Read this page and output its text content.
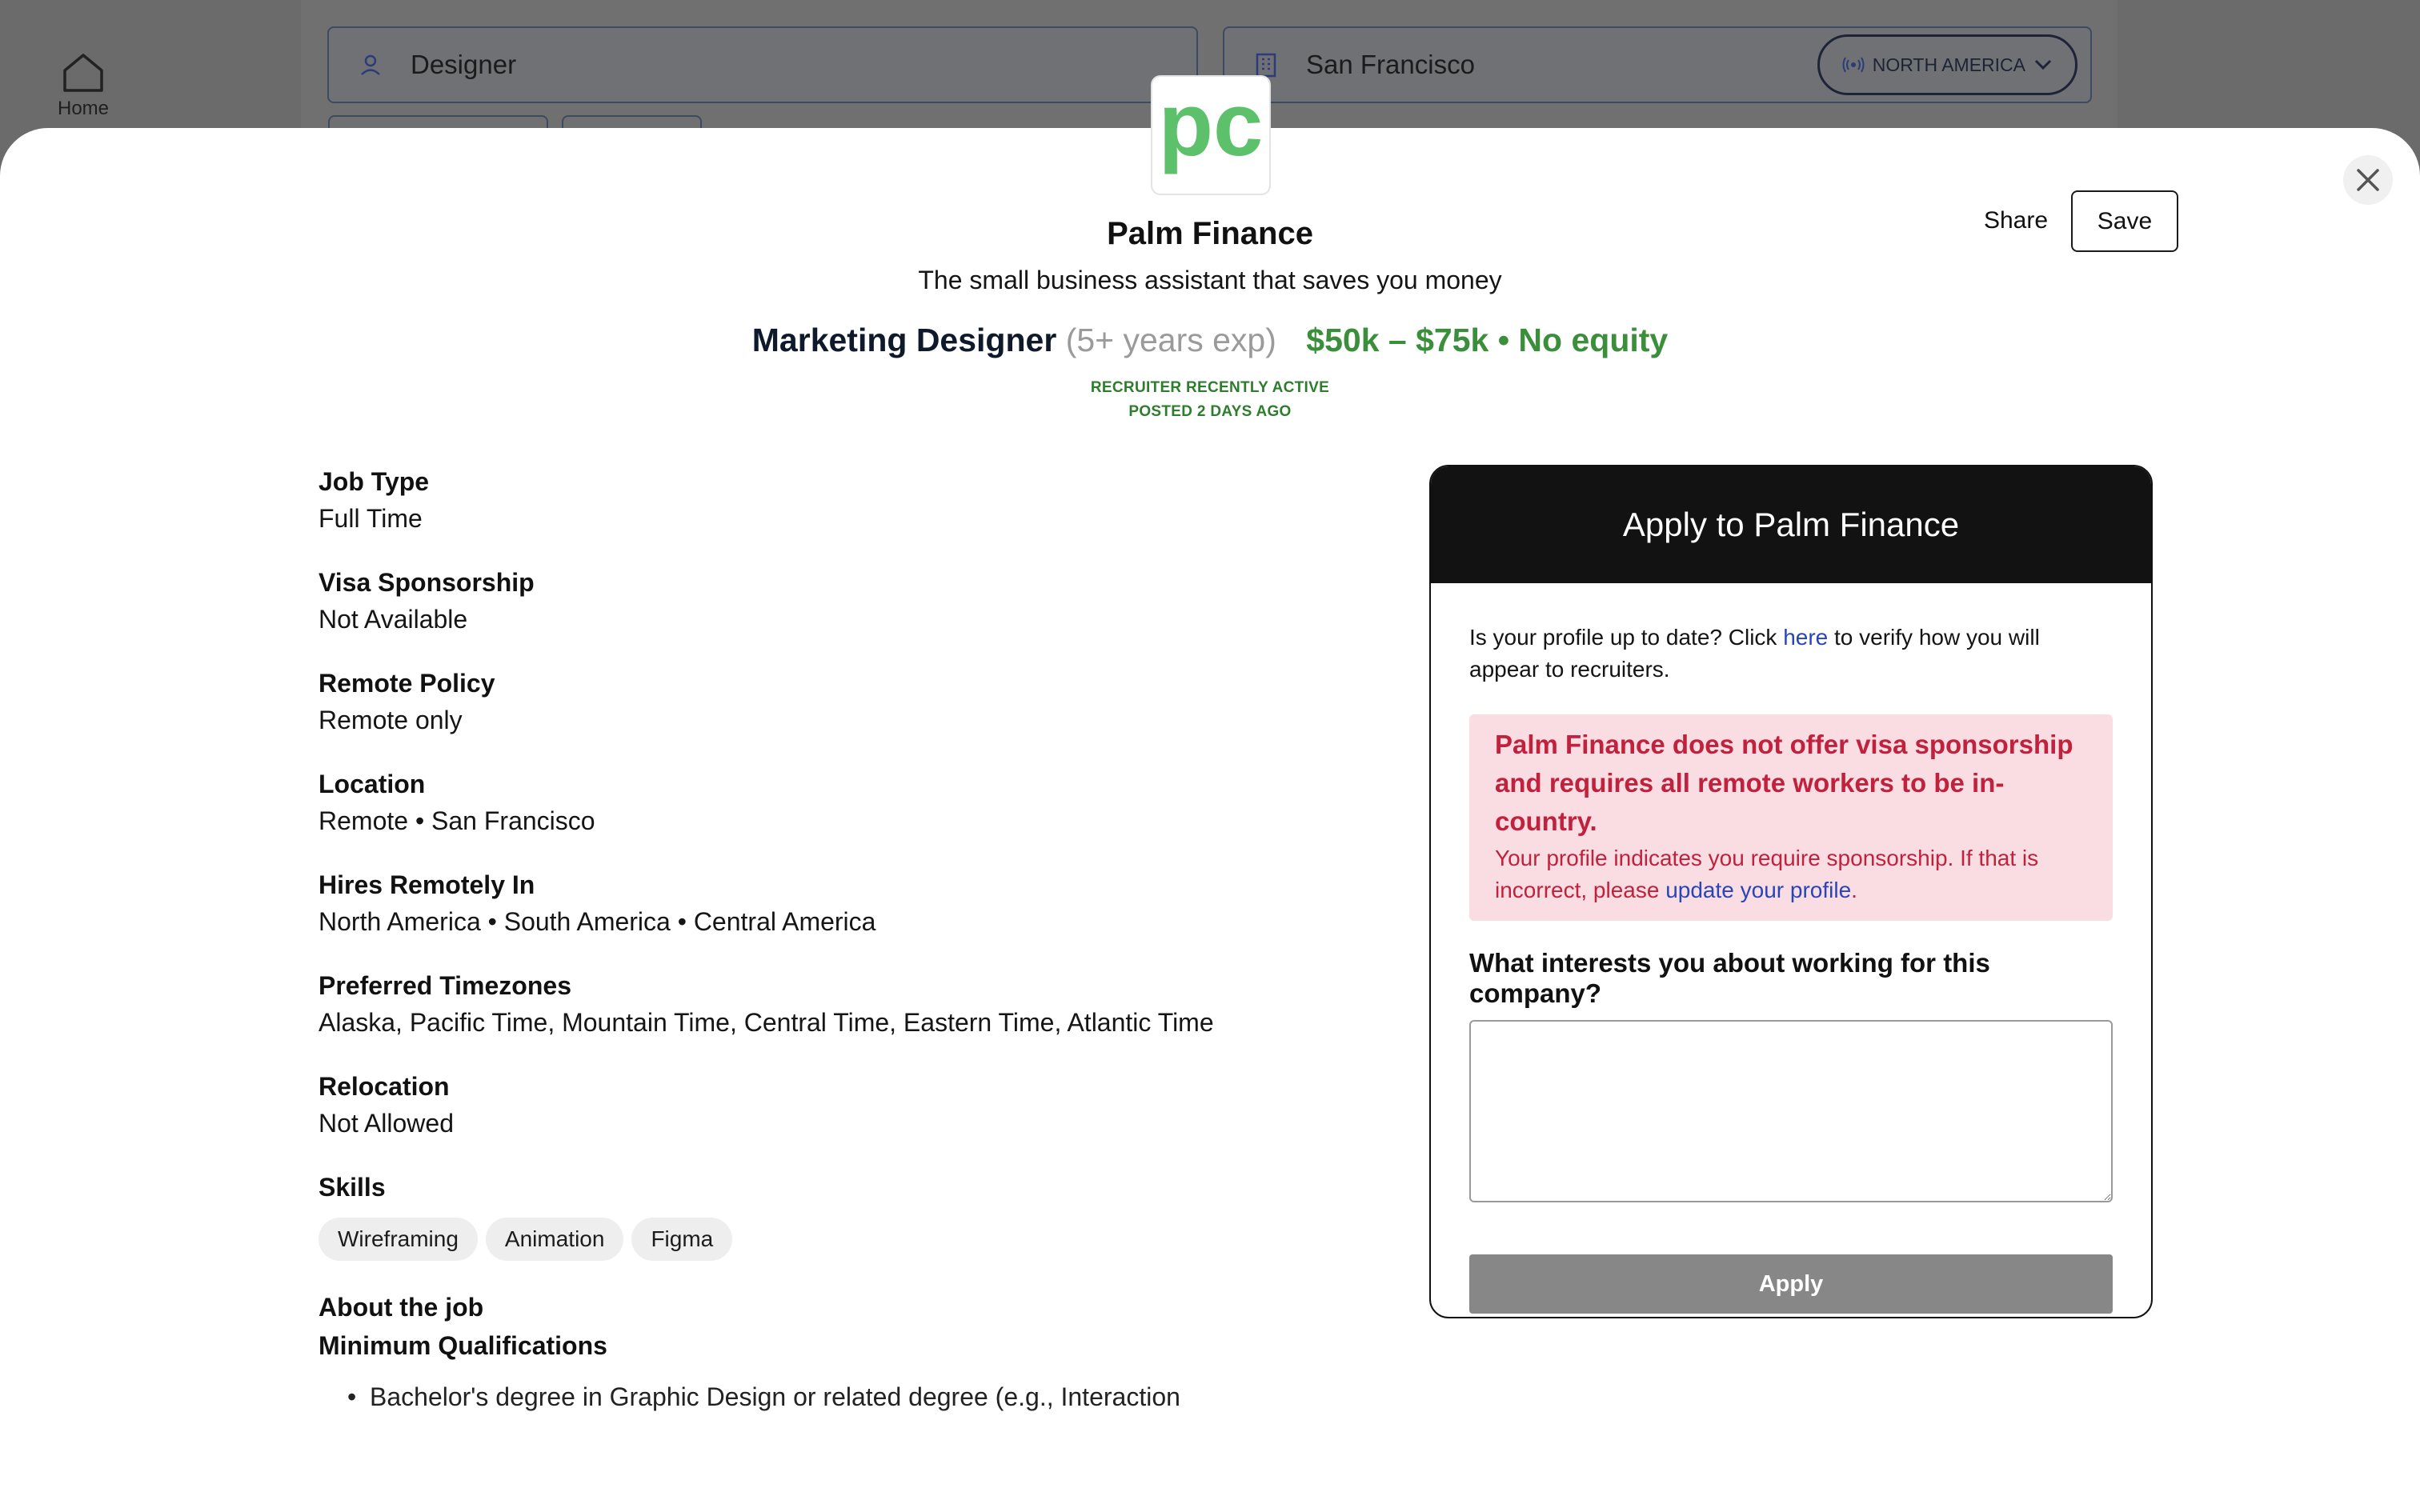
Home
Designer	San Francisco	NORTH AMERICA
pc
Palm Finance
The small business assistant that saves you money
Marketing Designer (5+ years exp) $50k – $75k • No equity
RECRUITER RECENTLY ACTIVE
POSTED 2 DAYS AGO
Share	Save
Job Type
Full Time
Visa Sponsorship
Not Available
Remote Policy
Remote only
Location
Remote • San Francisco
Hires Remotely In
North America • South America • Central America
Preferred Timezones
Alaska, Pacific Time, Mountain Time, Central Time, Eastern Time, Atlantic Time
Relocation
Not Allowed
Skills
Wireframing	Animation	Figma
About the job
Minimum Qualifications
• Bachelor's degree in Graphic Design or related degree (e.g., Interaction
Apply to Palm Finance
Is your profile up to date? Click here to verify how you will appear to recruiters.
Palm Finance does not offer visa sponsorship and requires all remote workers to be in-country.
Your profile indicates you require sponsorship. If that is incorrect, please update your profile.
What interests you about working for this company?
Apply
